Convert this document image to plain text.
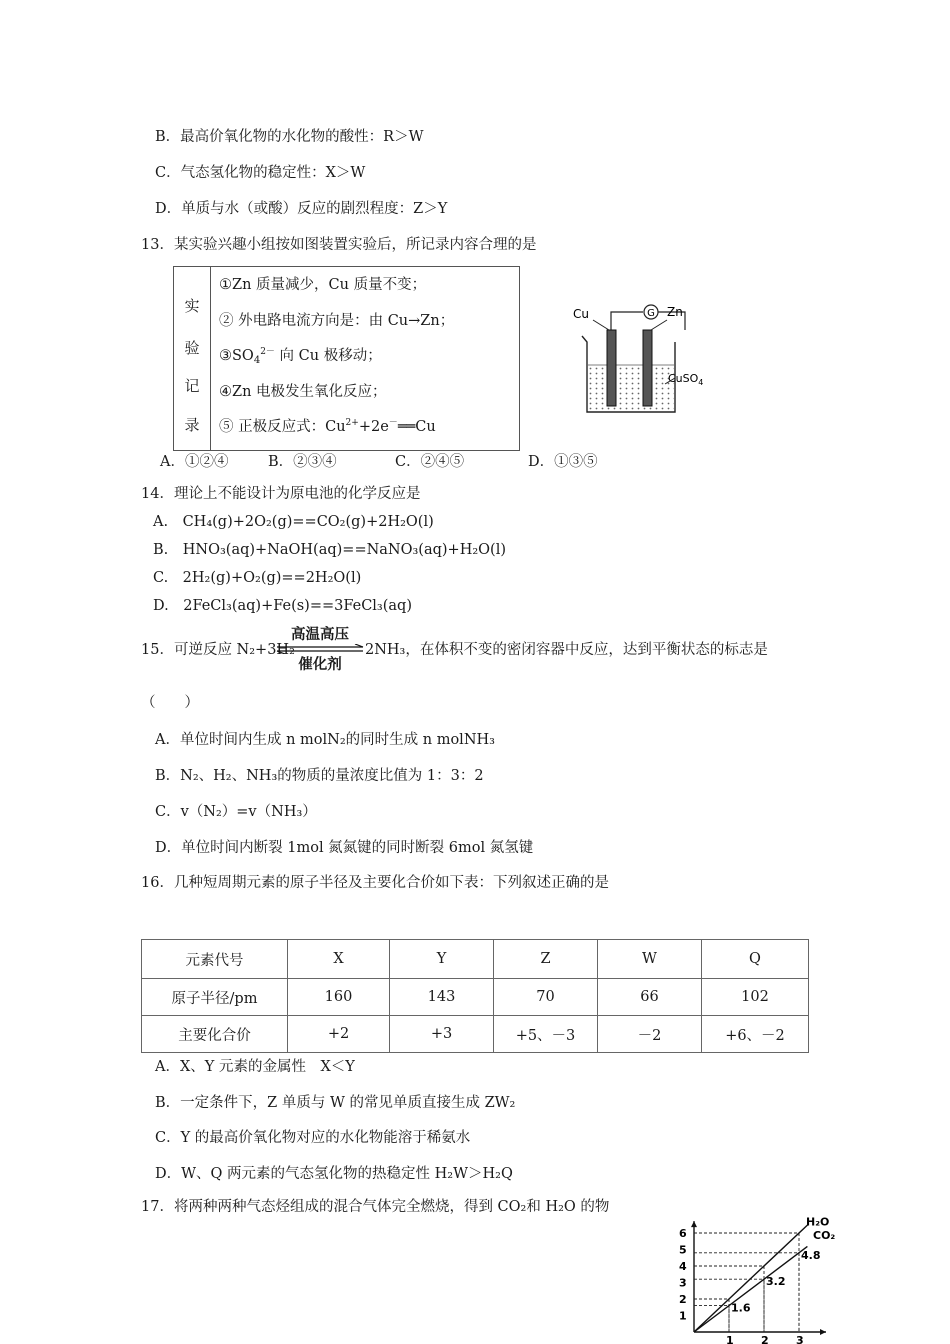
B．最高价氧化物的水化物的酸性：R＞W
C．气态氢化物的稳定性：X＞W
D．单质与水（或酸）反应的剧烈程度：Z＞Y
13．某实验兴趣小组按如图装置实验后，所记录内容合理的是
实
验
记
录
①Zn 质量减少，Cu 质量不变；
② 外电路电流方向是：由 Cu→Zn；
$③SO_4^{2-}$ 向 Cu 极移动；
④Zn 电极发生氧化反应；
⑤ 正极反应式：$Cu^{2+}+2e^-══Cu$
G
Cu	Zn
CuSO$_4$
A．①②④	B．②③④	C．②④⑤	D．①③⑤
14．理论上不能设计为原电池的化学反应是
A.　CH₄(g)+2O₂(g)==CO₂(g)+2H₂O(l)
B.　HNO₃(aq)+NaOH(aq)==NaNO₃(aq)+H₂O(l)
C.　2H₂(g)+O₂(g)==2H₂O(l)
D.　2FeCl₃(aq)+Fe(s)==3FeCl₃(aq)
15．可逆反应 N₂+3H₂
高温高压
催化剂
2NH₃，在体积不变的密闭容器中反应，达到平衡状态的标志是
（　　）
A．单位时间内生成 n molN₂的同时生成 n molNH₃
B．N₂、H₂、NH₃的物质的量浓度比值为 1：3：2
C．v（N₂）=v（NH₃）
D．单位时间内断裂 1mol 氮氮键的同时断裂 6mol 氮氢键
16．几种短周期元素的原子半径及主要化合价如下表：下列叙述正确的是
元素代号	X	Y	Z	W	Q
原子半径/pm	160	143	70	66	102
主要化合价	+2	+3	+5、－3	－2	+6、－2
A．X、Y 元素的金属性　X＜Y
B．一定条件下，Z 单质与 W 的常见单质直接生成 ZW₂
C．Y 的最高价氧化物对应的水化物能溶于稀氨水
D．W、Q 两元素的气态氢化物的热稳定性 H₂W＞H₂Q
17．将两种两种气态烃组成的混合气体完全燃烧，得到 CO₂和 H₂O 的物
1
2
3
4
5
6
1 2 3
H₂O
CO₂
1.6
3.2
4.8
